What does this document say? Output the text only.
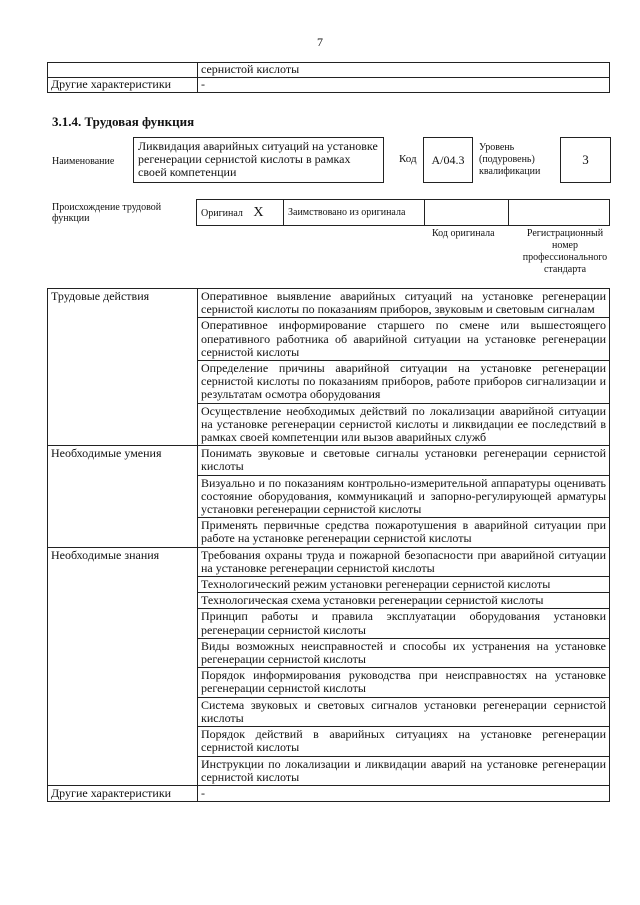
7
	сернистой кислоты
Другие характеристики	-
3.1.4. Трудовая функция
Наименование
Ликвидация аварийных ситуаций на установке регенерации сернистой кислоты в рамках своей компетенции
Код	А/04.3
Уровень
(подуровень)
квалификации
3
Происхождение трудовой функции	Оригинал X	Заимствовано из оригинала		
Код оригинала	Регистрационный номер профессионального стандарта
Трудовые действия	Оперативное выявление аварийных ситуаций на установке регенерации сернистой кислоты по показаниям приборов, звуковым и световым сигналам
	Оперативное информирование старшего по смене или вышестоящего оперативного работника об аварийной ситуации на установке регенерации сернистой кислоты
	Определение причины аварийной ситуации на установке регенерации сернистой кислоты по показаниям приборов, работе приборов сигнализации и результатам осмотра оборудования
	Осуществление необходимых действий по локализации аварийной ситуации на установке регенерации сернистой кислоты и ликвидации ее последствий в рамках своей компетенции или вызов аварийных служб
Необходимые умения	Понимать звуковые и световые сигналы установки регенерации сернистой кислоты
	Визуально и по показаниям контрольно-измерительной аппаратуры оценивать состояние оборудования, коммуникаций и запорно-регулирующей арматуры установки регенерации сернистой кислоты
	Применять первичные средства пожаротушения в аварийной ситуации при работе на установке регенерации сернистой кислоты
Необходимые знания	Требования охраны труда и пожарной безопасности при аварийной ситуации на установке регенерации сернистой кислоты
	Технологический режим установки регенерации сернистой кислоты
	Технологическая схема установки регенерации сернистой кислоты
	Принцип работы и правила эксплуатации оборудования установки регенерации сернистой кислоты
	Виды возможных неисправностей и способы их устранения на установке регенерации сернистой кислоты
	Порядок информирования руководства при неисправностях на установке регенерации сернистой кислоты
	Система звуковых и световых сигналов установки регенерации сернистой кислоты
	Порядок действий в аварийных ситуациях на установке регенерации сернистой кислоты
	Инструкции по локализации и ликвидации аварий на установке регенерации сернистой кислоты
Другие характеристики	-
